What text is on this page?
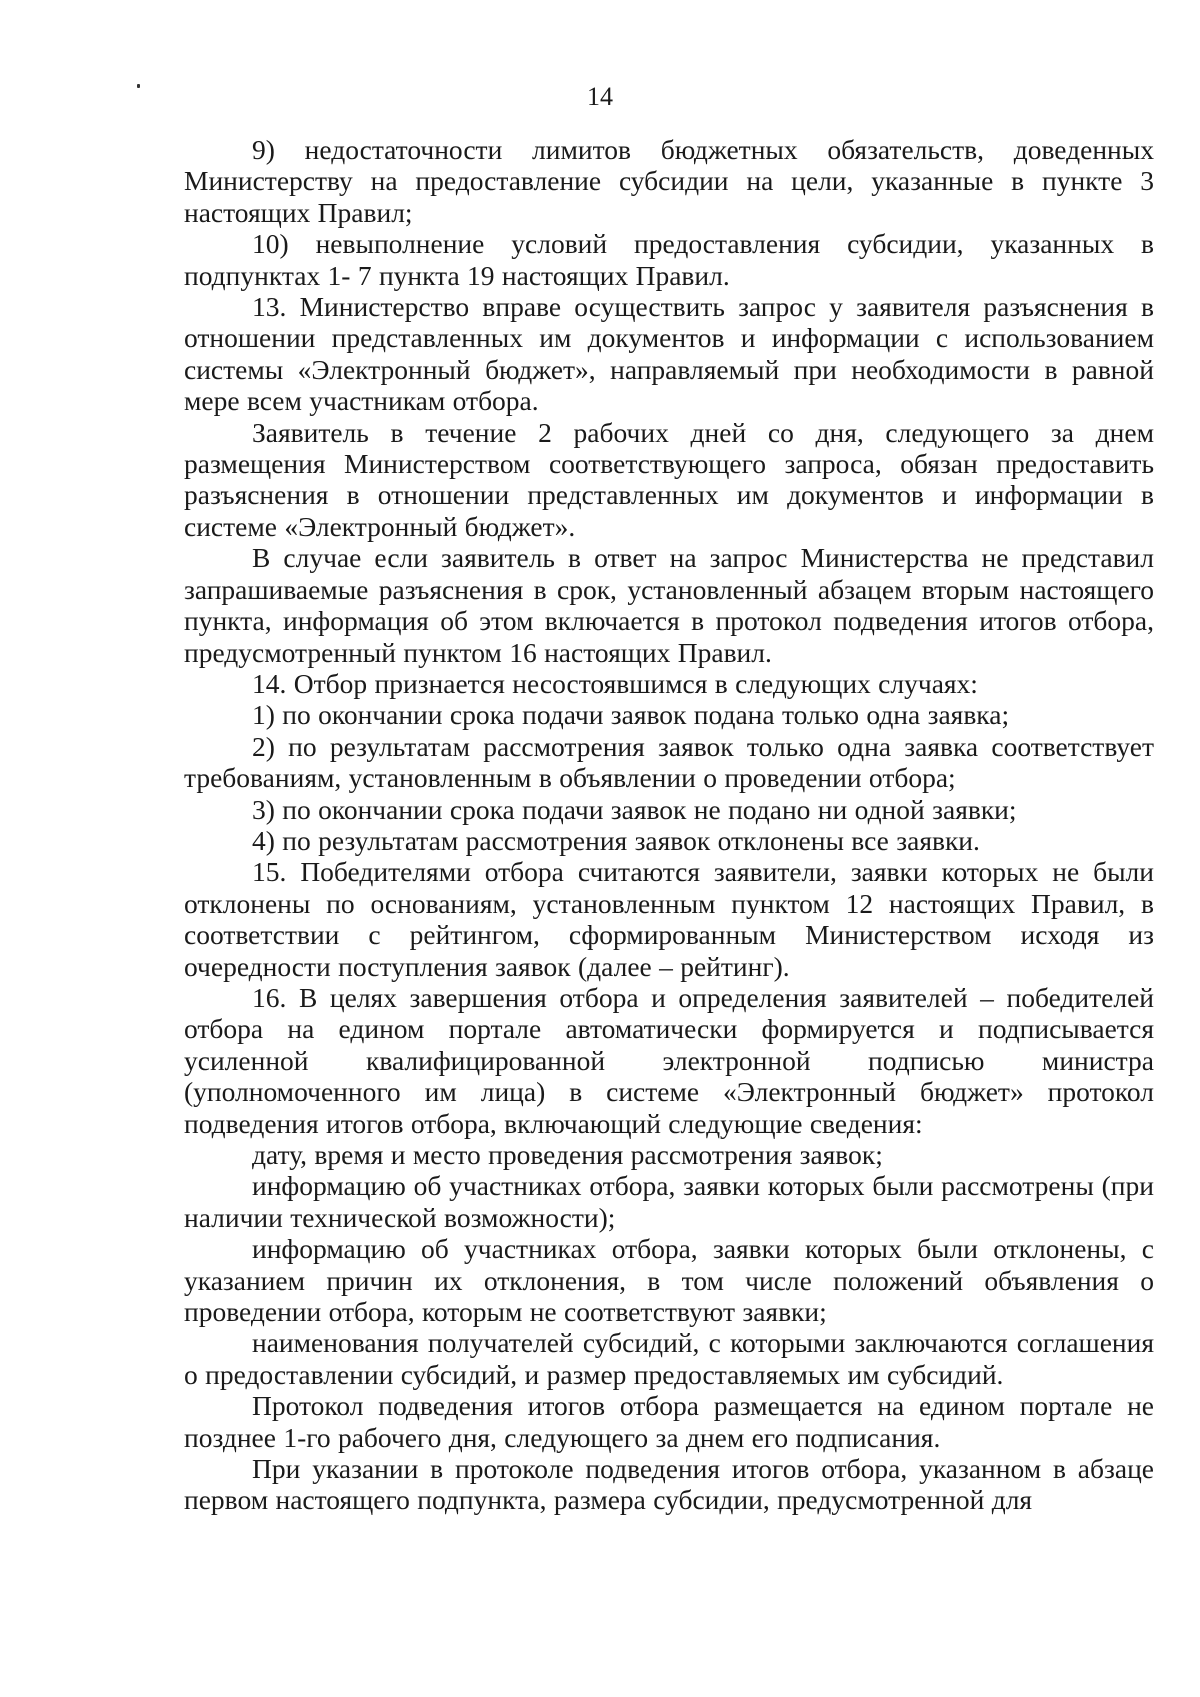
14

9) недостаточности лимитов бюджетных обязательств, доведенных Министерству на предоставление субсидии на цели, указанные в пункте 3 настоящих Правил;

10) невыполнение условий предоставления субсидии, указанных в подпунктах 1- 7 пункта 19 настоящих Правил.

13. Министерство вправе осуществить запрос у заявителя разъяснения в отношении представленных им документов и информации с использованием системы «Электронный бюджет», направляемый при необходимости в равной мере всем участникам отбора.

Заявитель в течение 2 рабочих дней со дня, следующего за днем размещения Министерством соответствующего запроса, обязан предоставить разъяснения в отношении представленных им документов и информации в системе «Электронный бюджет».

В случае если заявитель в ответ на запрос Министерства не представил запрашиваемые разъяснения в срок, установленный абзацем вторым настоящего пункта, информация об этом включается в протокол подведения итогов отбора, предусмотренный пунктом 16 настоящих Правил.

14. Отбор признается несостоявшимся в следующих случаях:

1) по окончании срока подачи заявок подана только одна заявка;

2) по результатам рассмотрения заявок только одна заявка соответствует требованиям, установленным в объявлении о проведении отбора;

3) по окончании срока подачи заявок не подано ни одной заявки;

4) по результатам рассмотрения заявок отклонены все заявки.

15. Победителями отбора считаются заявители, заявки которых не были отклонены по основаниям, установленным пунктом 12 настоящих Правил, в соответствии с рейтингом, сформированным Министерством исходя из очередности поступления заявок (далее – рейтинг).

16. В целях завершения отбора и определения заявителей – победителей отбора на едином портале автоматически формируется и подписывается усиленной квалифицированной электронной подписью министра (уполномоченного им лица) в системе «Электронный бюджет» протокол подведения итогов отбора, включающий следующие сведения:

дату, время и место проведения рассмотрения заявок;

информацию об участниках отбора, заявки которых были рассмотрены (при наличии технической возможности);

информацию об участниках отбора, заявки которых были отклонены, с указанием причин их отклонения, в том числе положений объявления о проведении отбора, которым не соответствуют заявки;

наименования получателей субсидий, с которыми заключаются соглашения о предоставлении субсидий, и размер предоставляемых им субсидий.

Протокол подведения итогов отбора размещается на едином портале не позднее 1-го рабочего дня, следующего за днем его подписания.

При указании в протоколе подведения итогов отбора, указанном в абзаце первом настоящего подпункта, размера субсидии, предусмотренной для
